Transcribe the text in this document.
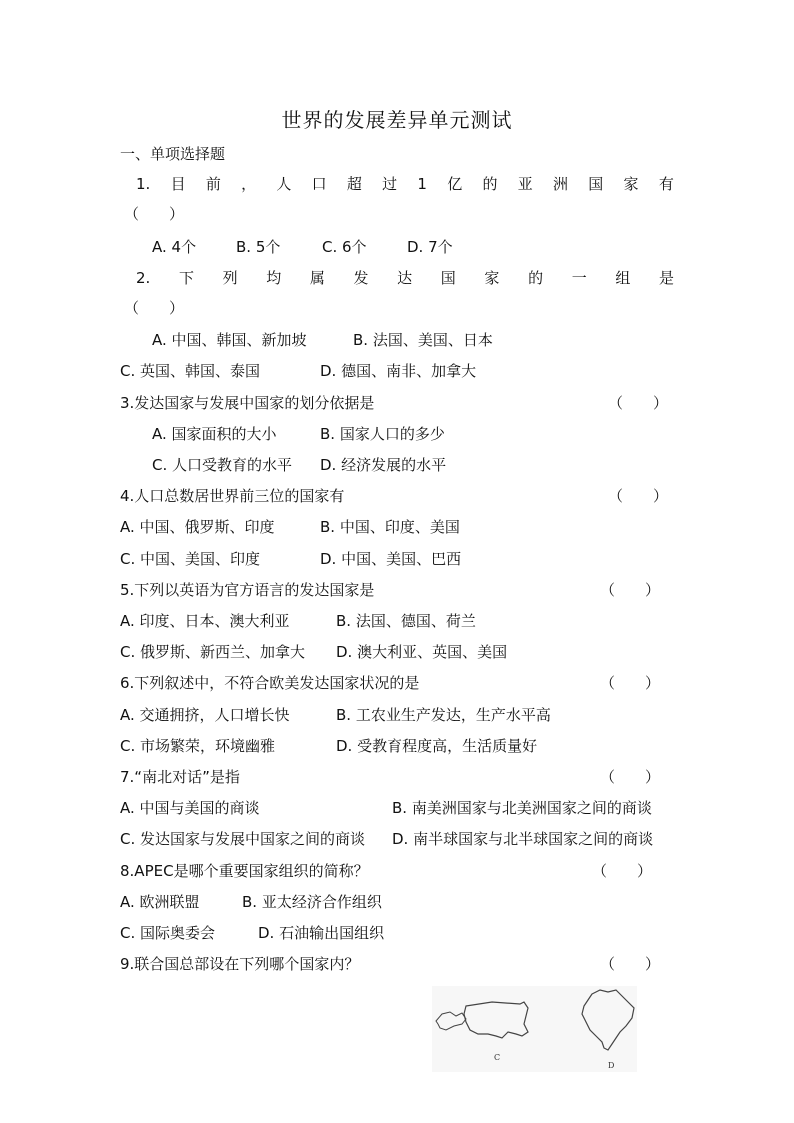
世界的发展差异单元测试
一、单项选择题
1. 目 前 ， 人 口 超 过 1 亿 的 亚 洲 国 家 有
（　　）
A. 4个	B. 5个	C. 6个	D. 7个
2. 下 列 均 属 发 达 国 家 的 一 组 是
（　　）
A. 中国、韩国、新加坡	B. 法国、美国、日本
C. 英国、韩国、泰国	D. 德国、南非、加拿大
3.发达国家与发展中国家的划分依据是	（　　）
A. 国家面积的大小	B. 国家人口的多少
C. 人口受教育的水平 D. 经济发展的水平
4.人口总数居世界前三位的国家有	（　　）
A. 中国、俄罗斯、印度	B. 中国、印度、美国
C. 中国、美国、印度	D. 中国、美国、巴西
5.下列以英语为官方语言的发达国家是	（　　）
A. 印度、日本、澳大利亚	B. 法国、德国、荷兰
C. 俄罗斯、新西兰、加拿大 D. 澳大利亚、英国、美国
6.下列叙述中，不符合欧美发达国家状况的是	（　　）
A. 交通拥挤，人口增长快	B. 工农业生产发达，生产水平高
C. 市场繁荣，环境幽雅	D. 受教育程度高，生活质量好
7.“南北对话”是指	（　　）
A. 中国与美国的商谈	B. 南美洲国家与北美洲国家之间的商谈
C. 发达国家与发展中国家之间的商谈 D. 南半球国家与北半球国家之间的商谈
8.APEC是哪个重要国家组织的简称？	（　　）
A. 欧洲联盟	B. 亚太经济合作组织
C. 国际奥委会	D. 石油输出国组织
9.联合国总部设在下列哪个国家内？	（　　）
C
D
